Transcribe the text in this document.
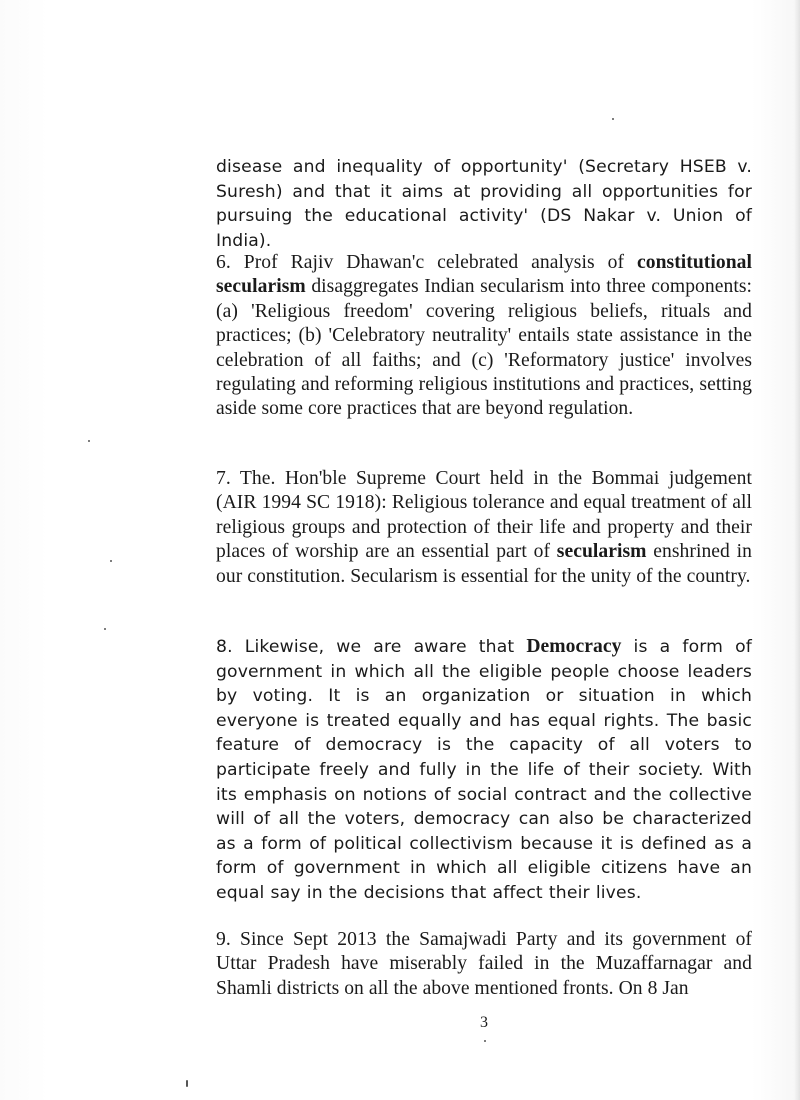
disease and inequality of opportunity' (Secretary HSEB v. Suresh) and that it aims at providing all opportunities for pursuing the educational activity' (DS Nakar v. Union of India).

6. Prof Rajiv Dhawan'c celebrated analysis of constitutional secularism disaggregates Indian secularism into three components: (a) 'Religious freedom' covering religious beliefs, rituals and practices; (b) 'Celebratory neutrality' entails state assistance in the celebration of all faiths; and (c) 'Reformatory justice' involves regulating and reforming religious institutions and practices, setting aside some core practices that are beyond regulation.

7. The. Hon'ble Supreme Court held in the Bommai judgement (AIR 1994 SC 1918): Religious tolerance and equal treatment of all religious groups and protection of their life and property and their places of worship are an essential part of secularism enshrined in our constitution. Secularism is essential for the unity of the country.

8. Likewise, we are aware that Democracy is a form of government in which all the eligible people choose leaders by voting. It is an organization or situation in which everyone is treated equally and has equal rights. The basic feature of democracy is the capacity of all voters to participate freely and fully in the life of their society. With its emphasis on notions of social contract and the collective will of all the voters, democracy can also be characterized as a form of political collectivism because it is defined as a form of government in which all eligible citizens have an equal say in the decisions that affect their lives.

9. Since Sept 2013 the Samajwadi Party and its government of Uttar Pradesh have miserably failed in the Muzaffarnagar and Shamli districts on all the above mentioned fronts. On 8 Jan

3
